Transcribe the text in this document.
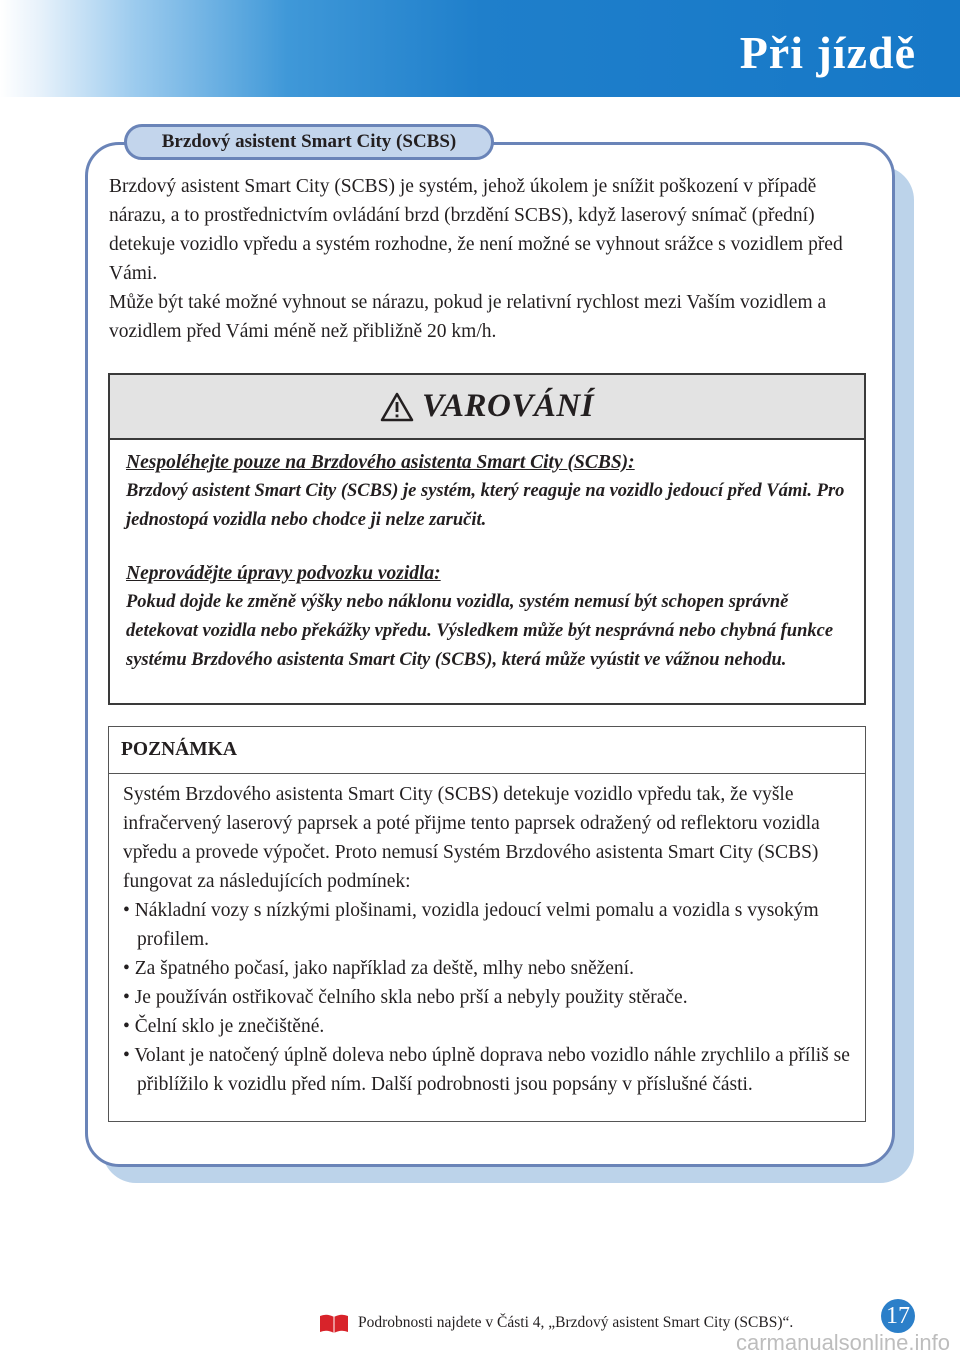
Při jízdě
Brzdový asistent Smart City (SCBS)

Brzdový asistent Smart City (SCBS) je systém, jehož úkolem je snížit poškození v případě nárazu, a to prostřednictvím ovládání brzd (brzdění SCBS), když laserový snímač (přední) detekuje vozidlo vpředu a systém rozhodne, že není možné se vyhnout srážce s vozidlem před Vámi.

Může být také možné vyhnout se nárazu, pokud je relativní rychlost mezi Vaším vozidlem a vozidlem před Vámi méně než přibližně 20 km/h.

VAROVÁNÍ

Nespoléhejte pouze na Brzdového asistenta Smart City (SCBS):

Brzdový asistent Smart City (SCBS) je systém, který reaguje na vozidlo jedoucí před Vámi. Pro jednostopá vozidla nebo chodce ji nelze zaručit.

Neprovádějte úpravy podvozku vozidla:

Pokud dojde ke změně výšky nebo náklonu vozidla, systém nemusí být schopen správně detekovat vozidla nebo překážky vpředu. Výsledkem může být nesprávná nebo chybná funkce systému Brzdového asistenta Smart City (SCBS), která může vyústit ve vážnou nehodu.

POZNÁMKA

Systém Brzdového asistenta Smart City (SCBS) detekuje vozidlo vpředu tak, že vyšle infračervený laserový paprsek a poté přijme tento paprsek odražený od reflektoru vozidla vpředu a provede výpočet. Proto nemusí Systém Brzdového asistenta Smart City (SCBS) fungovat za následujících podmínek:

• Nákladní vozy s nízkými plošinami, vozidla jedoucí velmi pomalu a vozidla s vysokým profilem.
• Za špatného počasí, jako například za deště, mlhy nebo sněžení.
• Je používán ostřikovač čelního skla nebo prší a nebyly použity stěrače.
• Čelní sklo je znečištěné.
• Volant je natočený úplně doleva nebo úplně doprava nebo vozidlo náhle zrychlilo a příliš se přiblížilo k vozidlu před ním. Další podrobnosti jsou popsány v příslušné části.
Podrobnosti najdete v Části 4, „Brzdový asistent Smart City (SCBS)“.	17
carmanualsonline.info
